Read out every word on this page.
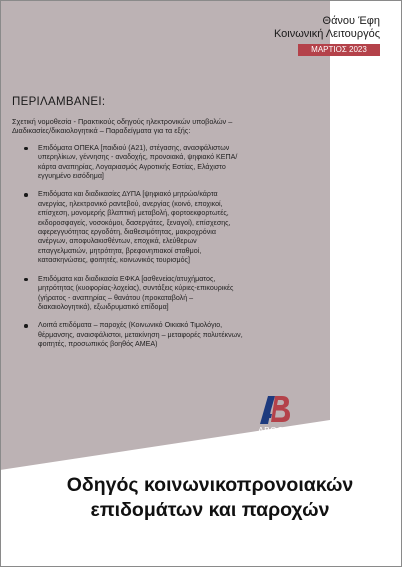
Θάνου Έφη
Κοινωνική Λειτουργός
ΜΑΡΤΙΟΣ 2023
ΠΕΡΙΛΑΜΒΑΝΕΙ:
Σχετική νομοθεσία - Πρακτικούς οδηγούς ηλεκτρονικών υποβολών – Διαδικασίες/δικαιολογητικά – Παραδείγματα για τα εξής:
Επιδόματα ΟΠΕΚΑ [παιδιού (Α21), στέγασης, ανασφάλιστων υπερηλίκων, γέννησης - αναδοχής, προνοιακά, ψηφιακό ΚΕΠΑ/κάρτα αναπηρίας, Λογαριασμός Αγροτικής Εστίας, Ελάχιστο εγγυημένο εισόδημα]
Επιδόματα και διαδικασίες ΔΥΠΑ [ψηφιακό μητρώο/κάρτα ανεργίας, ηλεκτρονικό ραντεβού, ανεργίας (κοινό, εποχικοί, επίσχεση, μονομερής βλαπτική μεταβολή, φορτοεκφορτωτές, εκδοροσφαγείς, νοσοκόμοι, δασεργάτες, ξεναγοί), επίσχεσης, αφερεγγυότητας εργοδότη, διαθεσιμότητας, μακροχρόνια ανέργων, αποφυλακισθέντων, εποχικά, ελεύθερων επαγγελματιών, μητρότητα, βρεφονηπιακοί σταθμοί, κατασκηνώσεις, φοιτητές, κοινωνικός τουρισμός]
Επιδόματα και διαδικασία ΕΦΚΑ [ασθενείας/ατυχήματος, μητρότητας (κυοφορίας-λοχείας), συντάξεις κύριες-επικουρικές (γήρατος - αναπηρίας – θανάτου (προκαταβολή – διακαιολογητικά), εξωιδρυματικό επίδομα]
Λοιπά επιδόματα – παροχές (Κοινωνικό Οικιακό Τιμολόγιο, θέρμανσης, αναισφάλιστοι, μετακίνηση – μεταφορές πολυτέκνων, φοιτητές, προσωπικός βοηθός ΑΜΕΑ)
ABOOKS
ΕΚΔΟΣΕΙΣ
Οδηγός κοινωνικοπρονοιακών
επιδομάτων και παροχών
